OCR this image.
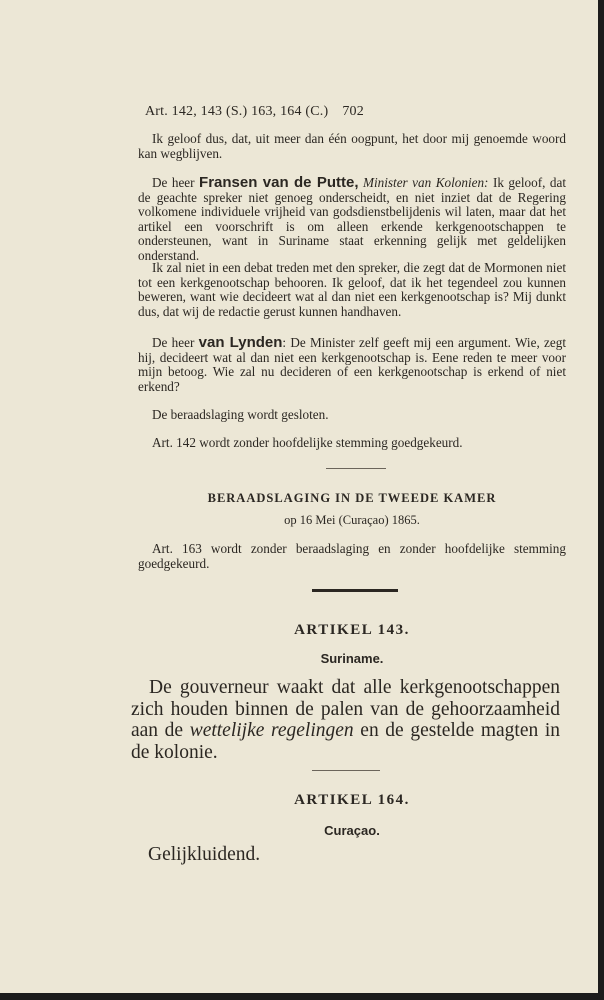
Art. 142, 143 (S.) 163, 164 (C.) 702

Ik geloof dus, dat, uit meer dan één oogpunt, het door mij genoemde woord kan wegblijven.

De heer Fransen van de Putte, Minister van Kolonien: Ik geloof, dat de geachte spreker niet genoeg onderscheidt, en niet inziet dat de Regering volkomene individuele vrijheid van godsdienstbelijdenis wil laten, maar dat het artikel een voorschrift is om alleen erkende kerkgenootschappen te ondersteunen, want in Suriname staat erkenning gelijk met geldelijken onderstand.

Ik zal niet in een debat treden met den spreker, die zegt dat de Mormonen niet tot een kerkgenootschap behooren. Ik geloof, dat ik het tegendeel zou kunnen beweren, want wie decideert wat al dan niet een kerkgenootschap is? Mij dunkt dus, dat wij de redactie gerust kunnen handhaven.

De heer van Lynden: De Minister zelf geeft mij een argument. Wie, zegt hij, decideert wat al dan niet een kerkgenootschap is. Eene reden te meer voor mijn betoog. Wie zal nu decideren of een kerkgenootschap is erkend of niet erkend?

De beraadslaging wordt gesloten.

Art. 142 wordt zonder hoofdelijke stemming goedgekeurd.

BERAADSLAGING IN DE TWEEDE KAMER
op 16 Mei (Curaçao) 1865.

Art. 163 wordt zonder beraadslaging en zonder hoofdelijke stemming goedgekeurd.

ARTIKEL 143.
Suriname.

De gouverneur waakt dat alle kerkgenootschappen zich houden binnen de palen van de gehoorzaamheid aan de wettelijke regelingen en de gestelde magten in de kolonie.

ARTIKEL 164.
Curaçao.

Gelijkluidend.
